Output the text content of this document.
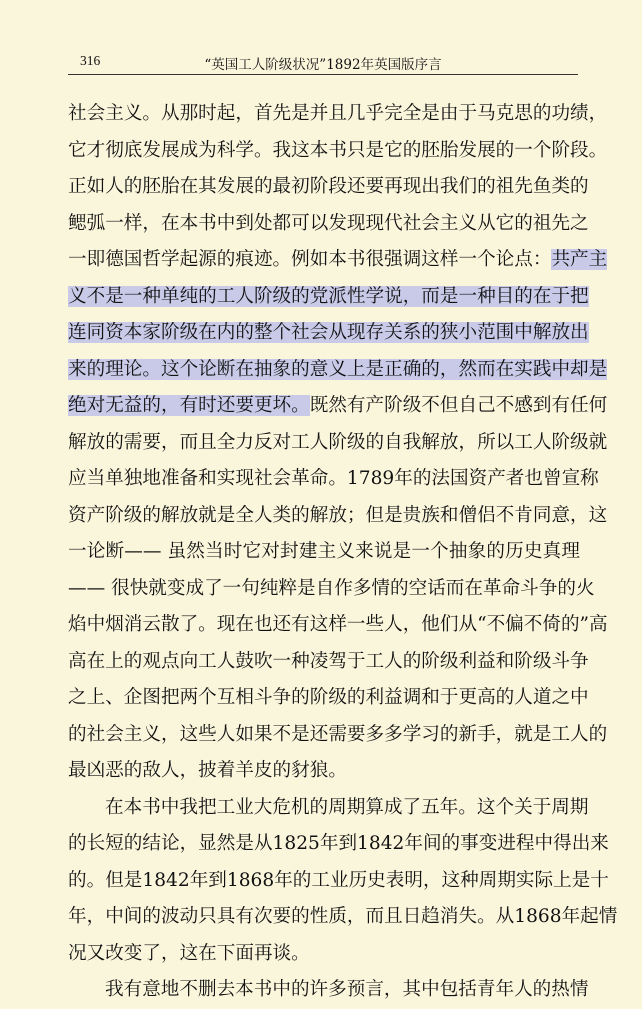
316	“英国工人阶级状况”1892年英国版序言
社会主义。从那时起，首先是并且几乎完全是由于马克思的功绩，
它才彻底发展成为科学。我这本书只是它的胚胎发展的一个阶段。
正如人的胚胎在其发展的最初阶段还要再现出我们的祖先鱼类的
鳃弧一样，在本书中到处都可以发现现代社会主义从它的祖先之
一即德国哲学起源的痕迹。例如本书很强调这样一个论点：共产主
义不是一种单纯的工人阶级的党派性学说，而是一种目的在于把
连同资本家阶级在内的整个社会从现存关系的狭小范围中解放出
来的理论。这个论断在抽象的意义上是正确的，然而在实践中却是
绝对无益的，有时还要更坏。既然有产阶级不但自己不感到有任何
解放的需要，而且全力反对工人阶级的自我解放，所以工人阶级就
应当单独地准备和实现社会革命。1789年的法国资产者也曾宣称
资产阶级的解放就是全人类的解放；但是贵族和僧侣不肯同意，这
一论断—— 虽然当时它对封建主义来说是一个抽象的历史真理
—— 很快就变成了一句纯粹是自作多情的空话而在革命斗争的火
焰中烟消云散了。现在也还有这样一些人，他们从“不偏不倚的”高
高在上的观点向工人鼓吹一种凌驾于工人的阶级利益和阶级斗争
之上、企图把两个互相斗争的阶级的利益调和于更高的人道之中
的社会主义，这些人如果不是还需要多多学习的新手，就是工人的
最凶恶的敌人，披着羊皮的豺狼。
在本书中我把工业大危机的周期算成了五年。这个关于周期
的长短的结论，显然是从1825年到1842年间的事变进程中得出来
的。但是1842年到1868年的工业历史表明，这种周期实际上是十
年，中间的波动只具有次要的性质，而且日趋消失。从1868年起情
况又改变了，这在下面再谈。
我有意地不删去本书中的许多预言，其中包括青年人的热情
